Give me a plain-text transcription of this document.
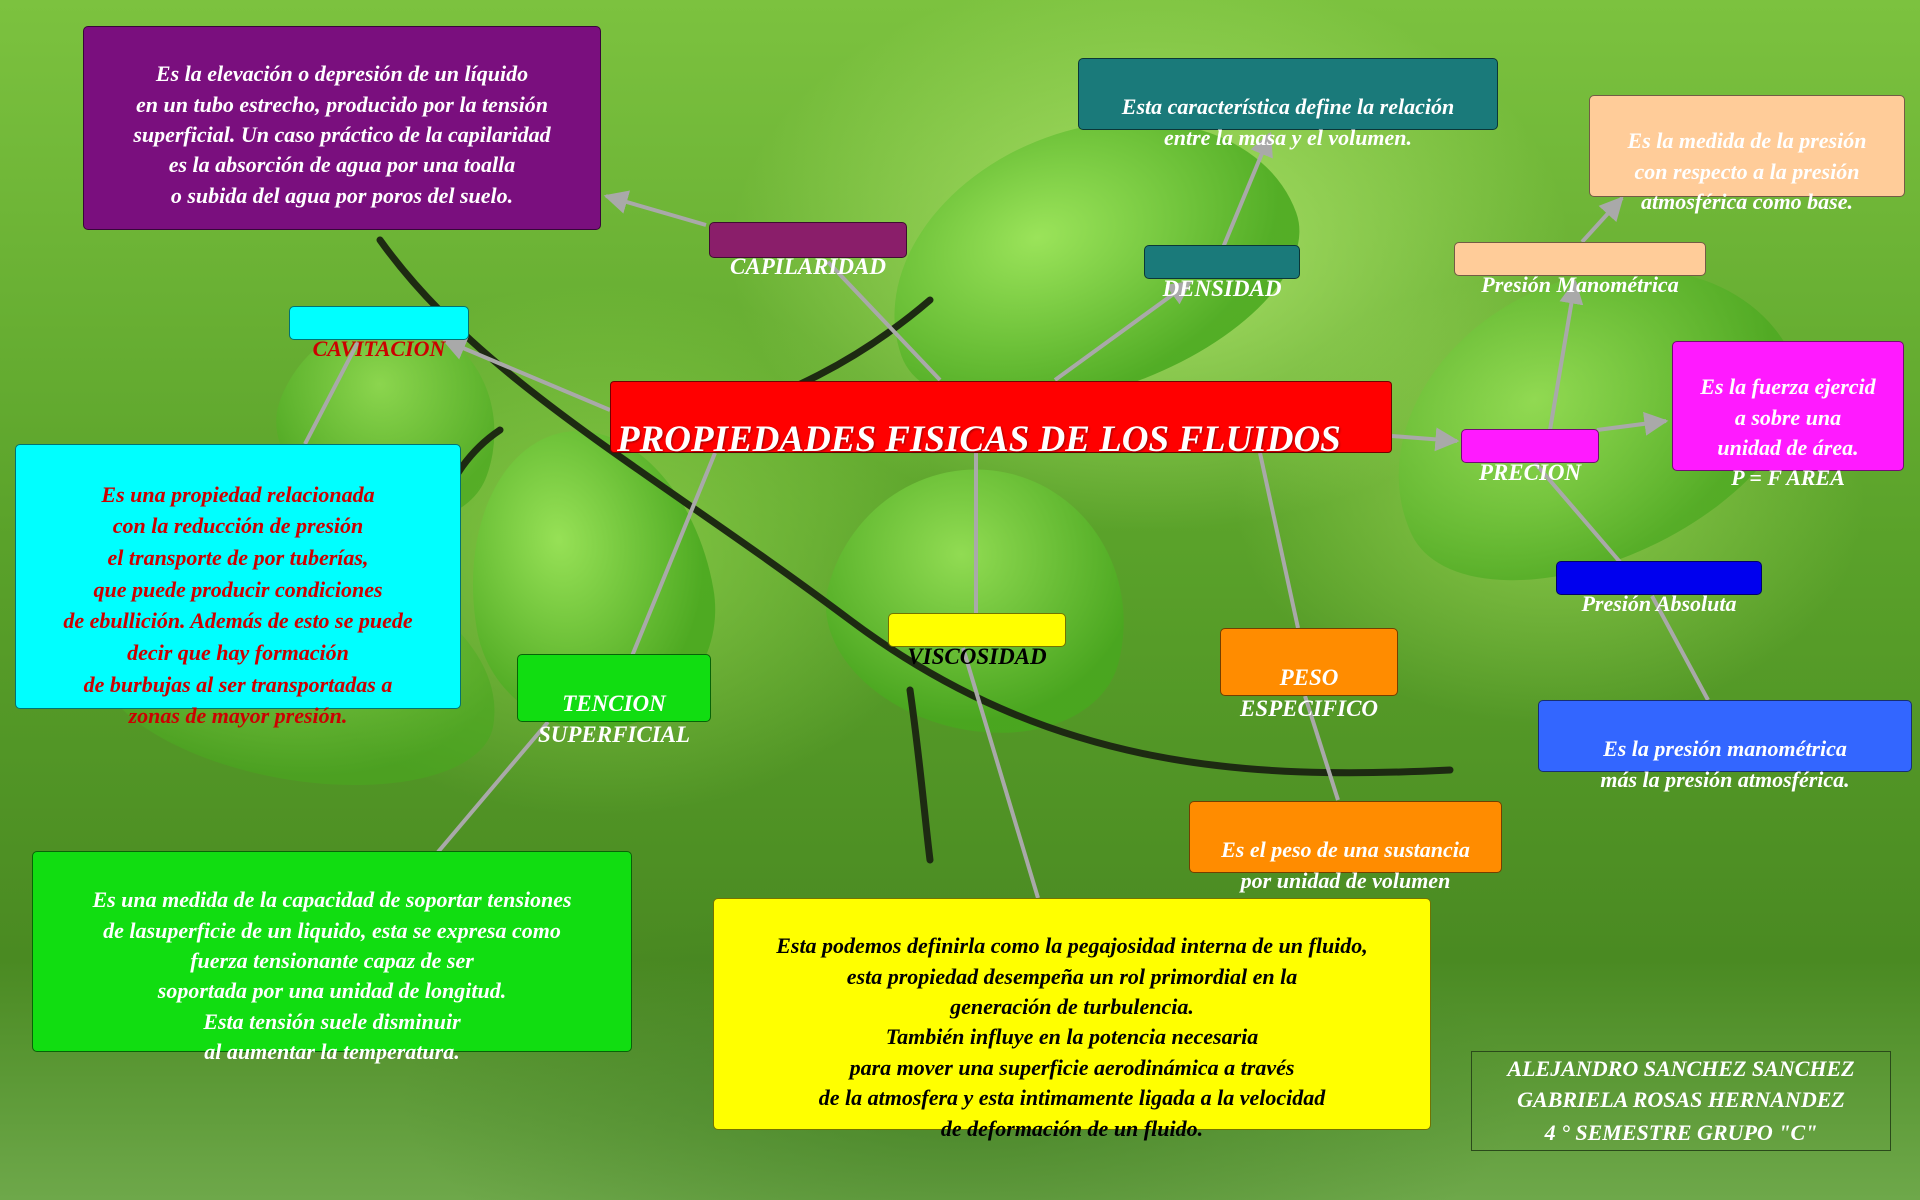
PROPIEDADES FISICAS DE LOS FLUIDOS

Es la elevación o depresión de un líquido
en un tubo estrecho, producido por la tensión
superficial. Un caso práctico de la capilaridad
es la absorción de agua por una toalla
o subida del agua por poros del suelo.

CAPILARIDAD

Esta característica define la relación
entre la masa y el volumen.

DENSIDAD

Es la medida de la presión
con respecto a la presión
atmosférica como base.

Presión Manométrica

PRECION

Es la fuerza ejercid
a sobre una
unidad de área.
P = F AREA

Presión Absoluta

Es la presión manométrica
más la presión atmosférica.

PESO
ESPECIFICO

Es el peso de una sustancia
por unidad de volumen

VISCOSIDAD

Esta podemos definirla como la pegajosidad interna de un fluido,
esta propiedad desempeña un rol primordial en la
generación de turbulencia.
También influye en la potencia necesaria
para mover una superficie aerodinámica a través
de la atmosfera y esta intimamente ligada a la velocidad
de deformación de un fluido.

TENCION
SUPERFICIAL

Es una medida de la capacidad de soportar tensiones
de lasuperficie de un liquido, esta se expresa como
fuerza tensionante capaz de ser
soportada por una unidad de longitud.
Esta tensión suele disminuir
al aumentar la temperatura.

CAVITACION

Es una propiedad relacionada
con la reducción de presión
el transporte de por tuberías,
que puede producir condiciones
de ebullición. Además de esto se puede
decir que hay formación
de burbujas al ser transportadas a
zonas de mayor presión.

ALEJANDRO SANCHEZ SANCHEZ
GABRIELA ROSAS HERNANDEZ
4 ° SEMESTRE GRUPO "C"
